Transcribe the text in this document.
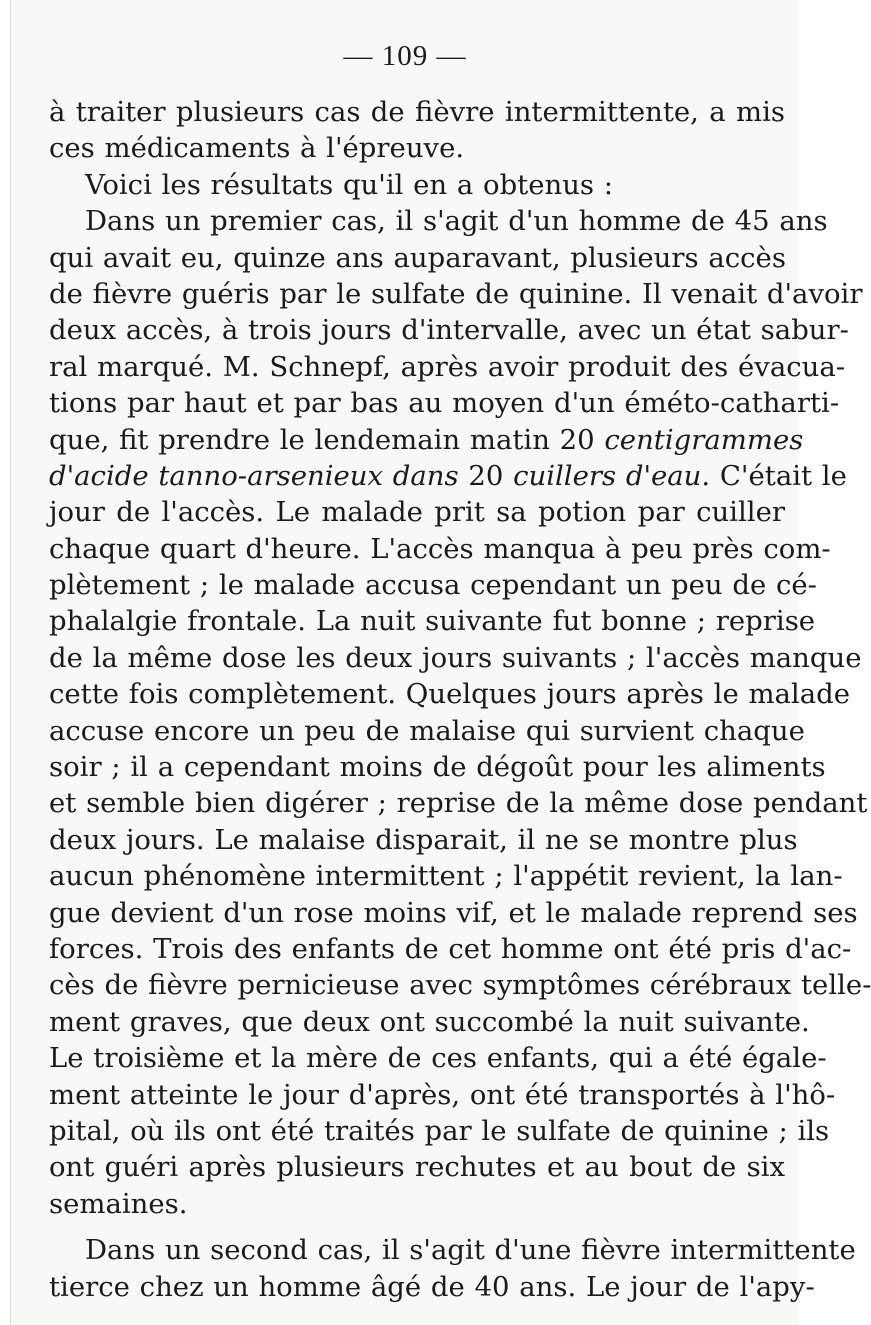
— 109 —
à traiter plusieurs cas de fièvre intermittente, a mis
ces médicaments à l'épreuve.
Voici les résultats qu'il en a obtenus :
Dans un premier cas, il s'agit d'un homme de 45 ans
qui avait eu, quinze ans auparavant, plusieurs accès
de fièvre guéris par le sulfate de quinine. Il venait d'avoir
deux accès, à trois jours d'intervalle, avec un état sabur-
ral marqué. M. Schnepf, après avoir produit des évacua-
tions par haut et par bas au moyen d'un éméto-catharti-
que, fit prendre le lendemain matin 20 centigrammes
d'acide tanno-arsenieux dans 20 cuillers d'eau. C'était le
jour de l'accès. Le malade prit sa potion par cuiller
chaque quart d'heure. L'accès manqua à peu près com-
plètement ; le malade accusa cependant un peu de cé-
phalalgie frontale. La nuit suivante fut bonne ; reprise
de la même dose les deux jours suivants ; l'accès manque
cette fois complètement. Quelques jours après le malade
accuse encore un peu de malaise qui survient chaque
soir ; il a cependant moins de dégoût pour les aliments
et semble bien digérer ; reprise de la même dose pendant
deux jours. Le malaise disparait, il ne se montre plus
aucun phénomène intermittent ; l'appétit revient, la lan-
gue devient d'un rose moins vif, et le malade reprend ses
forces. Trois des enfants de cet homme ont été pris d'ac-
cès de fièvre pernicieuse avec symptômes cérébraux telle-
ment graves, que deux ont succombé la nuit suivante.
Le troisième et la mère de ces enfants, qui a été égale-
ment atteinte le jour d'après, ont été transportés à l'hô-
pital, où ils ont été traités par le sulfate de quinine ; ils
ont guéri après plusieurs rechutes et au bout de six
semaines.
Dans un second cas, il s'agit d'une fièvre intermittente
tierce chez un homme âgé de 40 ans. Le jour de l'apy-
